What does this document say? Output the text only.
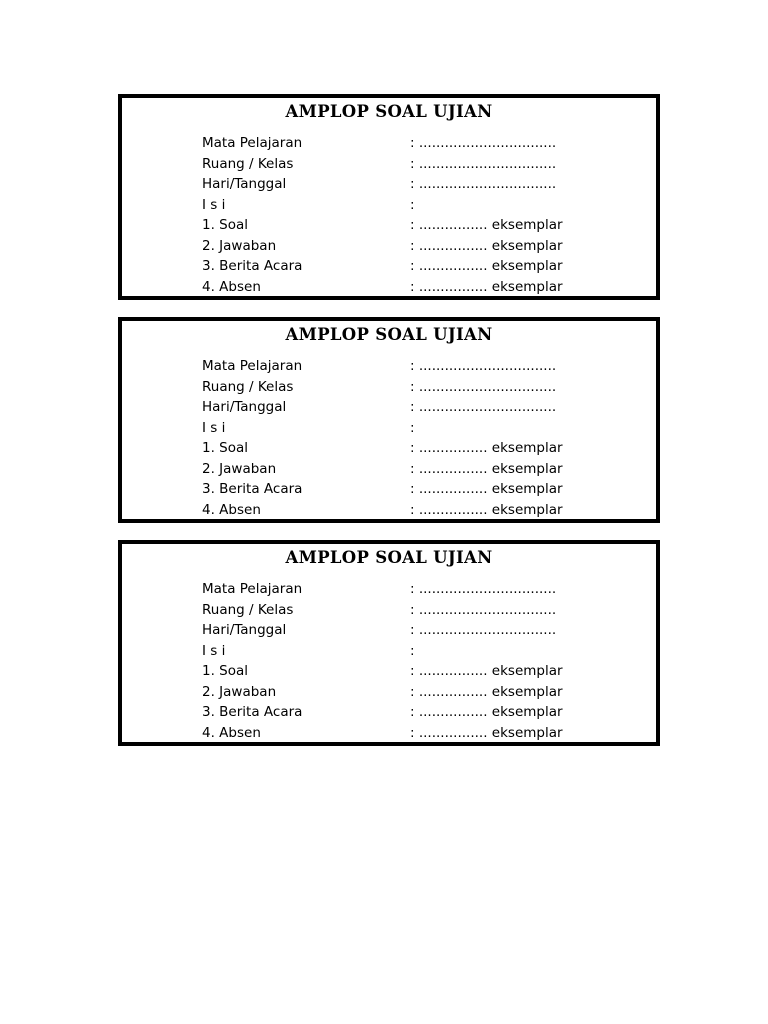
AMPLOP SOAL UJIAN
Mata Pelajaran	: ................................
Ruang / Kelas	: ................................
Hari/Tanggal	: ................................
I s i	:
1. Soal	: ................ eksemplar
2. Jawaban	: ................ eksemplar
3. Berita Acara	: ................ eksemplar
4. Absen	: ................ eksemplar
AMPLOP SOAL UJIAN
Mata Pelajaran	: ................................
Ruang / Kelas	: ................................
Hari/Tanggal	: ................................
I s i	:
1. Soal	: ................ eksemplar
2. Jawaban	: ................ eksemplar
3. Berita Acara	: ................ eksemplar
4. Absen	: ................ eksemplar
AMPLOP SOAL UJIAN
Mata Pelajaran	: ................................
Ruang / Kelas	: ................................
Hari/Tanggal	: ................................
I s i	:
1. Soal	: ................ eksemplar
2. Jawaban	: ................ eksemplar
3. Berita Acara	: ................ eksemplar
4. Absen	: ................ eksemplar
